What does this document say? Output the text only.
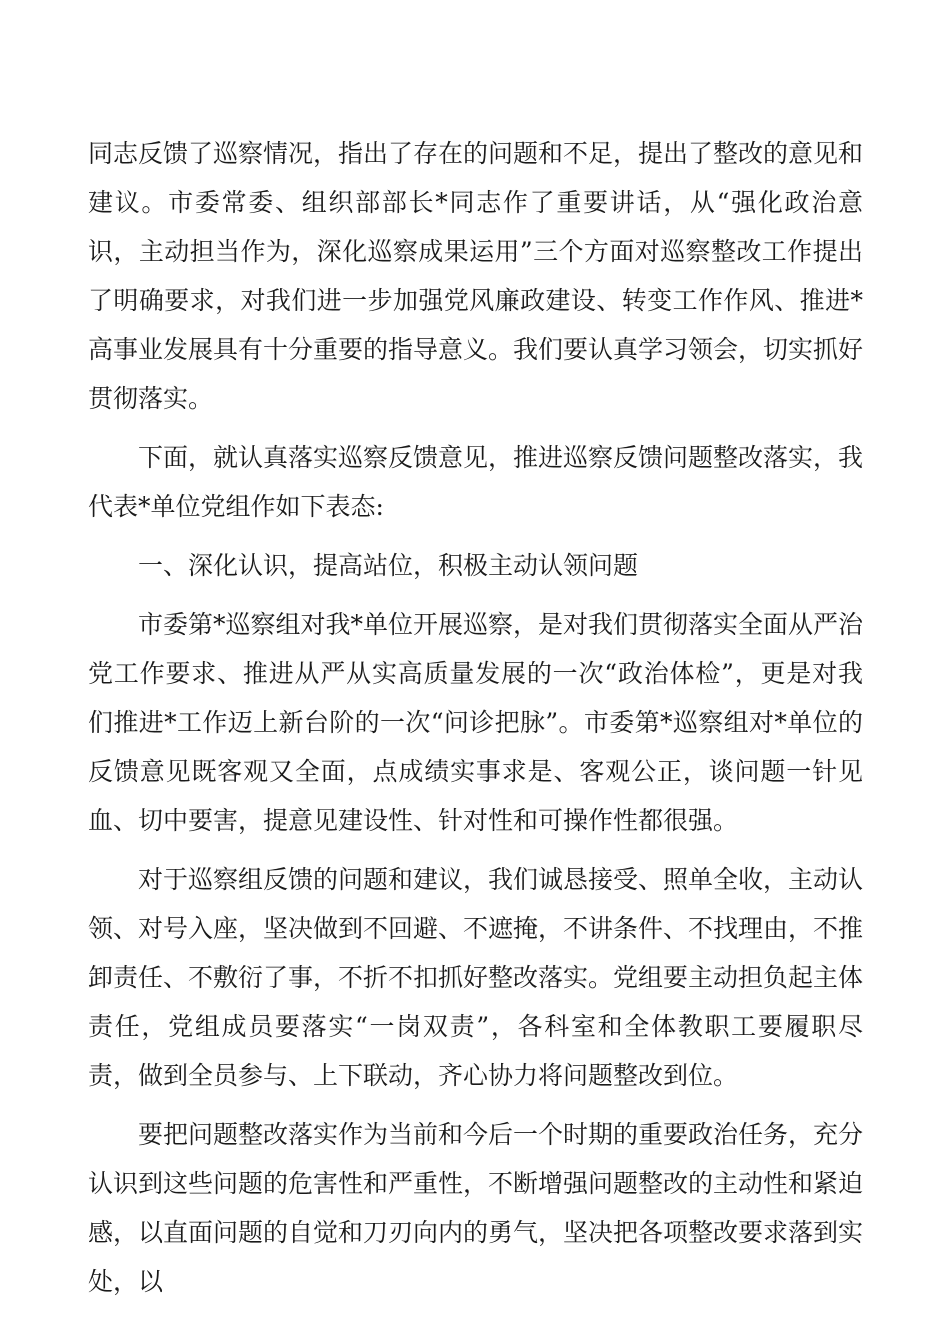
同志反馈了巡察情况，指出了存在的问题和不足，提出了整改的意见和建议。市委常委、组织部部长*同志作了重要讲话，从“强化政治意识，主动担当作为，深化巡察成果运用”三个方面对巡察整改工作提出了明确要求，对我们进一步加强党风廉政建设、转变工作作风、推进*高事业发展具有十分重要的指导意义。我们要认真学习领会，切实抓好贯彻落实。

下面，就认真落实巡察反馈意见，推进巡察反馈问题整改落实，我代表*单位党组作如下表态:

一、深化认识，提高站位，积极主动认领问题

市委第*巡察组对我*单位开展巡察，是对我们贯彻落实全面从严治党工作要求、推进从严从实高质量发展的一次“政治体检”，更是对我们推进*工作迈上新台阶的一次“问诊把脉”。市委第*巡察组对*单位的反馈意见既客观又全面，点成绩实事求是、客观公正，谈问题一针见血、切中要害，提意见建设性、针对性和可操作性都很强。

对于巡察组反馈的问题和建议，我们诚恳接受、照单全收，主动认领、对号入座，坚决做到不回避、不遮掩，不讲条件、不找理由，不推卸责任、不敷衍了事，不折不扣抓好整改落实。党组要主动担负起主体责任，党组成员要落实“一岗双责”，各科室和全体教职工要履职尽责，做到全员参与、上下联动，齐心协力将问题整改到位。

要把问题整改落实作为当前和今后一个时期的重要政治任务，充分认识到这些问题的危害性和严重性，不断增强问题整改的主动性和紧迫感，以直面问题的自觉和刀刃向内的勇气，坚决把各项整改要求落到实处，以
